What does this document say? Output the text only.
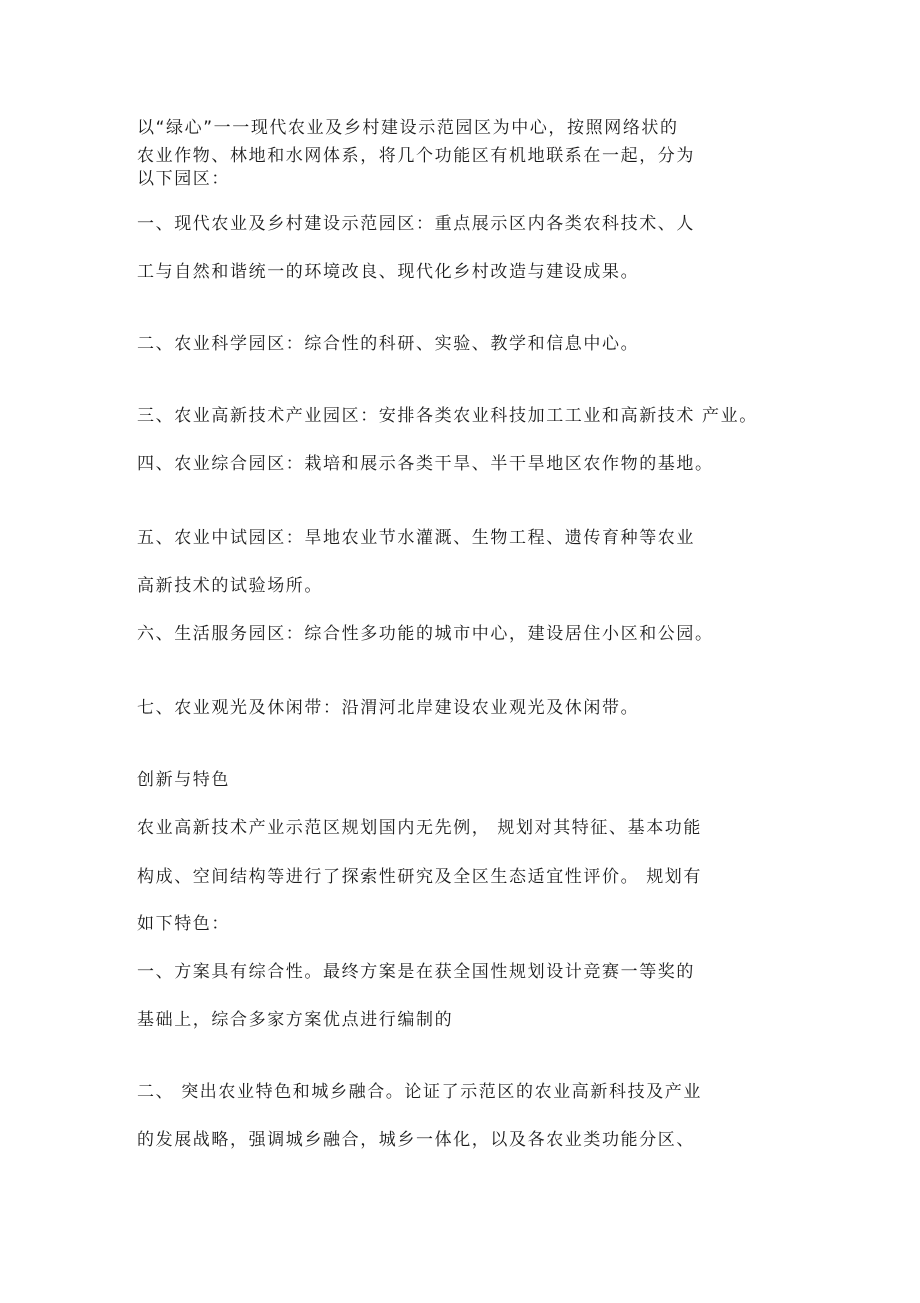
以“绿心”一一现代农业及乡村建设示范园区为中心，按照网络状的
农业作物、林地和水网体系，将几个功能区有机地联系在一起，分为
以下园区：
一、现代农业及乡村建设示范园区：重点展示区内各类农科技术、人
工与自然和谐统一的环境改良、现代化乡村改造与建设成果。
二、农业科学园区：综合性的科研、实验、教学和信息中心。
三、农业高新技术产业园区：安排各类农业科技加工工业和高新技术 产业。
四、农业综合园区：栽培和展示各类干旱、半干旱地区农作物的基地。
五、农业中试园区：旱地农业节水灌溉、生物工程、遗传育种等农业
高新技术的试验场所。
六、生活服务园区：综合性多功能的城市中心，建设居住小区和公园。
七、农业观光及休闲带：沿渭河北岸建设农业观光及休闲带。
创新与特色
农业高新技术产业示范区规划国内无先例， 规划对其特征、基本功能
构成、空间结构等进行了探索性研究及全区生态适宜性评价。 规划有
如下特色：
一、方案具有综合性。最终方案是在获全国性规划设计竞赛一等奖的
基础上，综合多家方案优点进行编制的
二、 突出农业特色和城乡融合。论证了示范区的农业高新科技及产业
的发展战略，强调城乡融合，城乡一体化，以及各农业类功能分区、
